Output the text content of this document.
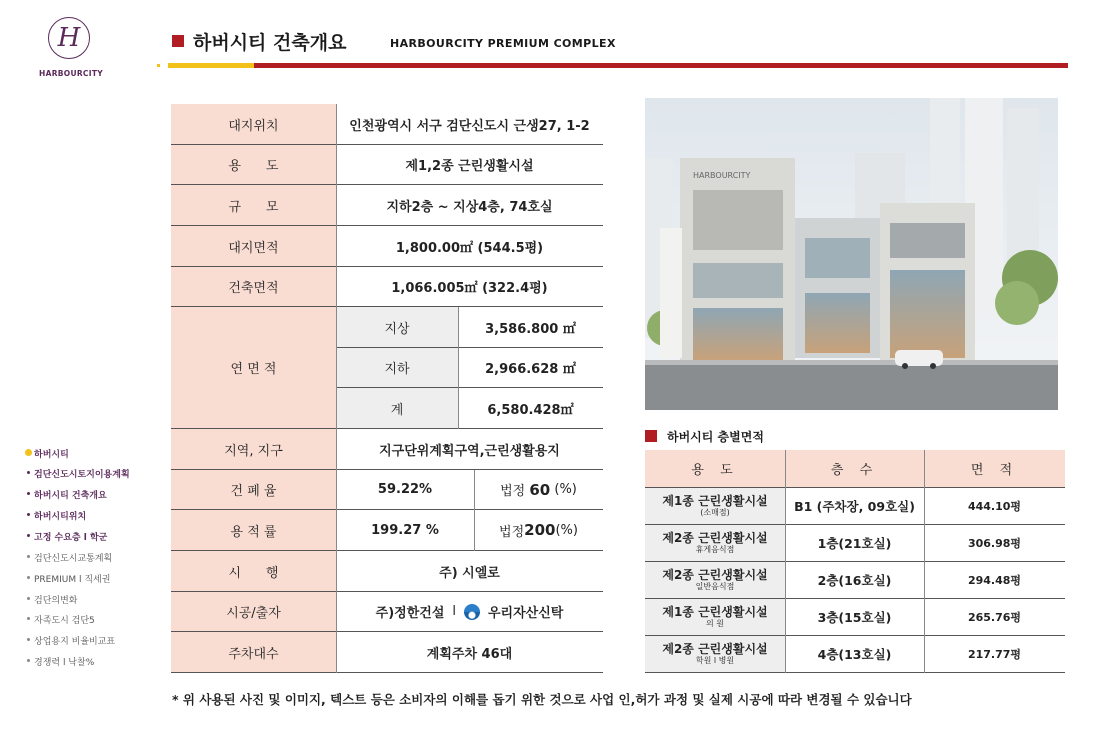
H
HARBOURCITY
하버시티 건축개요	HARBOURCITY PREMIUM COMPLEX
하버시티
검단신도시토지이용계획
하버시티 건축개요
하버시티위치
고정 수요층 l 학군
검단신도시교통계획
PREMIUM l 직세권
검단의변화
자족도시 검단5
상업용지 비율비교표
경쟁력 l 낙찰%
대지위치	인천광역시 서구 검단신도시 근생27, 1-2
용      도	제1,2종 근린생활시설
규      모	지하2층 ~ 지상4층, 74호실
대지면적	1,800.00㎡ (544.5평)
건축면적	1,066.005㎡ (322.4평)
연 면 적
지상	3,586.800 ㎡
지하	2,966.628 ㎡
계	6,580.428㎡
지역, 지구	지구단위계획구역,근린생활용지
건 폐 율	59.22%	법정 60 (%)
용 적 률	199.27 %	법정 200 (%)
시      행	주) 시엘로
시공/출자	주)정한건설 l 우리자산신탁
주차대수	계획주차 46대
HARBOURCITY
하버시티 층별면적
용 도	층 수	면 적
제1종 근린생활시설
(소매점)	B1 (주차장, 09호실)	444.10평
제2종 근린생활시설
휴게음식점	1층(21호실)	306.98평
제2종 근린생활시설
일반음식점	2층(16호실)	294.48평
제1종 근린생활시설
의 원	3층(15호실)	265.76평
제2종 근린생활시설
학원 l 병원	4층(13호실)	217.77평
* 위 사용된 사진 및 이미지, 텍스트 등은 소비자의 이해를 돕기 위한 것으로 사업 인,허가 과정 및 실제 시공에 따라 변경될 수 있습니다
